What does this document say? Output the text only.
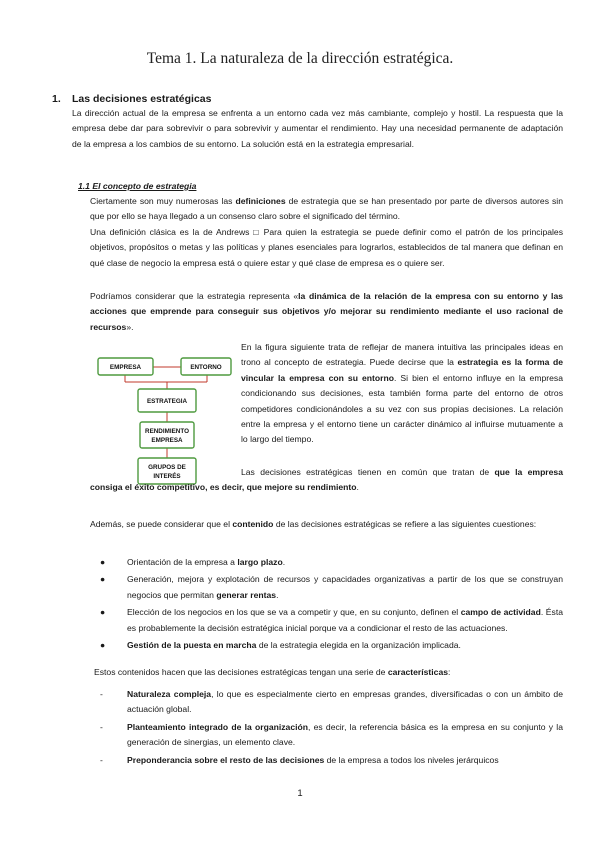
Tema 1. La naturaleza de la dirección estratégica.
1. Las decisiones estratégicas
La dirección actual de la empresa se enfrenta a un entorno cada vez más cambiante, complejo y hostil. La respuesta que la empresa debe dar para sobrevivir o para sobrevivir y aumentar el rendimiento. Hay una necesidad permanente de adaptación de la empresa a los cambios de su entorno. La solución está en la estrategia empresarial.
1.1 El concepto de estrategia
Ciertamente son muy numerosas las definiciones de estrategia que se han presentado por parte de diversos autores sin que por ello se haya llegado a un consenso claro sobre el significado del término.
Una definición clásica es la de Andrews □ Para quien la estrategia se puede definir como el patrón de los principales objetivos, propósitos o metas y las políticas y planes esenciales para lograrlos, establecidos de tal manera que definan en qué clase de negocio la empresa está o quiere estar y qué clase de empresa es o quiere ser.
Podríamos considerar que la estrategia representa «la dinámica de la relación de la empresa con su entorno y las acciones que emprende para conseguir sus objetivos y/o mejorar su rendimiento mediante el uso racional de recursos».
EMPRESA	ENTORNO
ESTRATEGIA
RENDIMIENTO
EMPRESA
GRUPOS DE
INTERÉS
En la figura siguiente trata de reflejar de manera intuitiva las principales ideas en trono al concepto de estrategia. Puede decirse que la estrategia es la forma de vincular la empresa con su entorno. Si bien el entorno influye en la empresa condicionando sus decisiones, esta también forma parte del entorno de otros competidores condicionándoles a su vez con sus propias decisiones. La relación entre la empresa y el entorno tiene un carácter dinámico al influirse mutuamente a lo largo del tiempo.
Las decisiones estratégicas tienen en común que tratan de que la empresa consiga el éxito competitivo, es decir, que mejore su rendimiento.
Además, se puede considerar que el contenido de las decisiones estratégicas se refiere a las siguientes cuestiones:
●	Orientación de la empresa a largo plazo.
●	Generación, mejora y explotación de recursos y capacidades organizativas a partir de los que se construyan negocios que permitan generar rentas.
●	Elección de los negocios en los que se va a competir y que, en su conjunto, definen el campo de actividad. Ésta es probablemente la decisión estratégica inicial porque va a condicionar el resto de las actuaciones.
●	Gestión de la puesta en marcha de la estrategia elegida en la organización implicada.
Estos contenidos hacen que las decisiones estratégicas tengan una serie de características:
-	Naturaleza compleja, lo que es especialmente cierto en empresas grandes, diversificadas o con un ámbito de actuación global.
-	Planteamiento integrado de la organización, es decir, la referencia básica es la empresa en su conjunto y la generación de sinergias, un elemento clave.
-	Preponderancia sobre el resto de las decisiones de la empresa a todos los niveles jerárquicos
1
